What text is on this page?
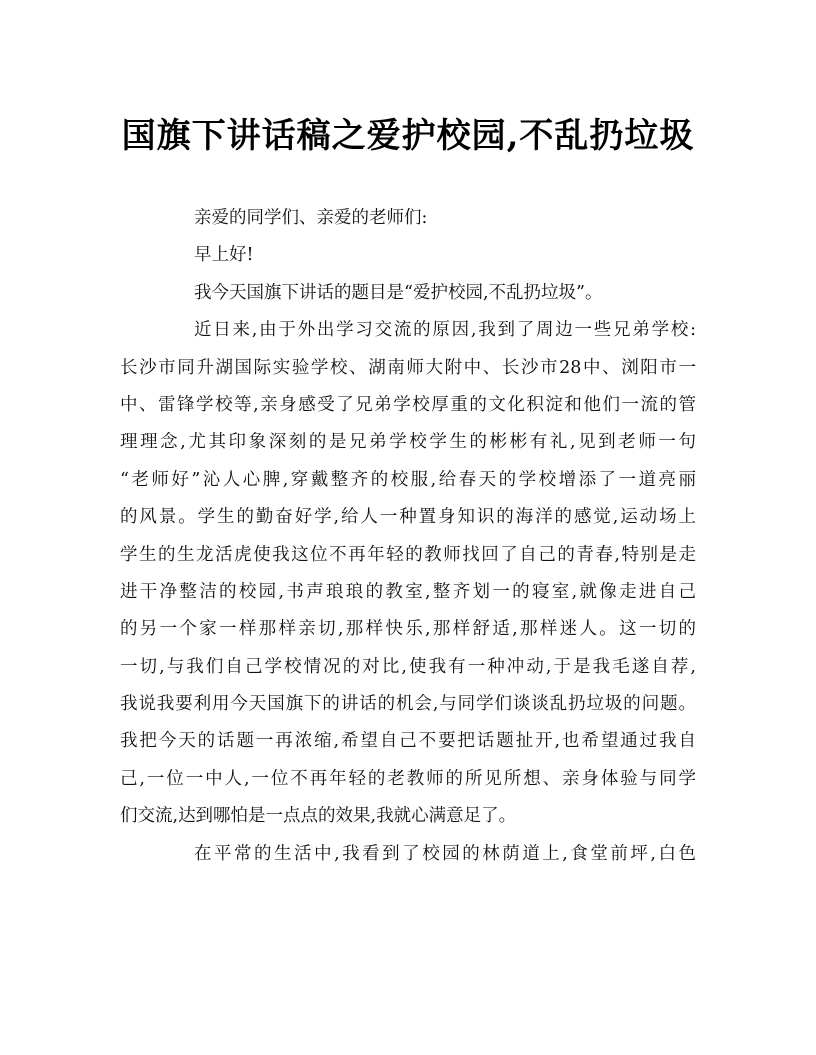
国旗下讲话稿之爱护校园,不乱扔垃圾
亲爱的同学们、亲爱的老师们:
早上好!
我今天国旗下讲话的题目是“爱护校园,不乱扔垃圾”。
近日来,由于外出学习交流的原因,我到了周边一些兄弟学校:
长沙市同升湖国际实验学校、湖南师大附中、长沙市28中、浏阳市一
中、雷锋学校等,亲身感受了兄弟学校厚重的文化积淀和他们一流的管
理理念,尤其印象深刻的是兄弟学校学生的彬彬有礼,见到老师一句
“老师好”沁人心脾,穿戴整齐的校服,给春天的学校增添了一道亮丽
的风景。学生的勤奋好学,给人一种置身知识的海洋的感觉,运动场上
学生的生龙活虎使我这位不再年轻的教师找回了自己的青春,特别是走
进干净整洁的校园,书声琅琅的教室,整齐划一的寝室,就像走进自己
的另一个家一样那样亲切,那样快乐,那样舒适,那样迷人。这一切的
一切,与我们自己学校情况的对比,使我有一种冲动,于是我毛遂自荐,
我说我要利用今天国旗下的讲话的机会,与同学们谈谈乱扔垃圾的问题。
我把今天的话题一再浓缩,希望自己不要把话题扯开,也希望通过我自
己,一位一中人,一位不再年轻的老教师的所见所想、亲身体验与同学
们交流,达到哪怕是一点点的效果,我就心满意足了。
在平常的生活中,我看到了校园的林荫道上,食堂前坪,白色
